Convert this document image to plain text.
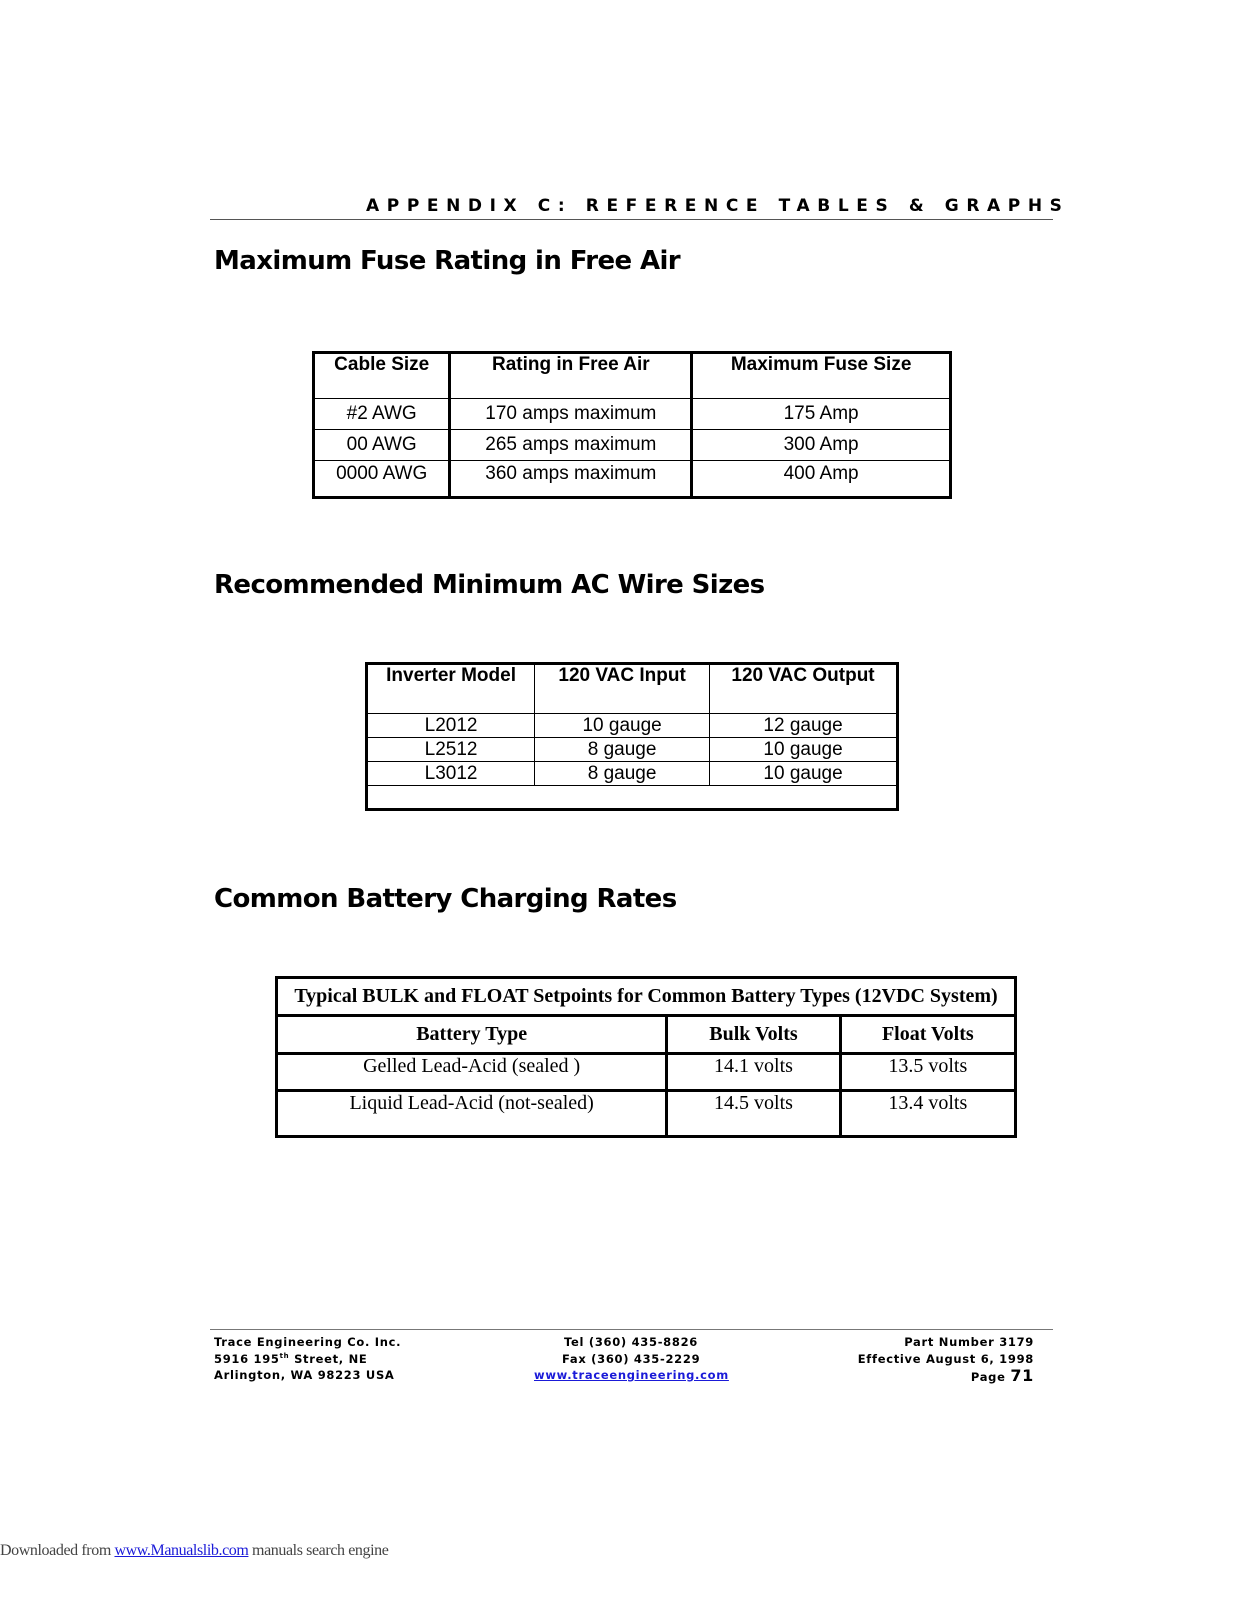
APPENDIX C: REFERENCE TABLES & GRAPHS
Maximum Fuse Rating in Free Air
Cable Size	Rating in Free Air	Maximum Fuse Size
#2 AWG	170 amps maximum	175 Amp
00 AWG	265 amps maximum	300 Amp
0000 AWG	360 amps maximum	400 Amp
Recommended Minimum AC Wire Sizes
Inverter Model	120 VAC Input	120 VAC Output
L2012	10 gauge	12 gauge
L2512	8 gauge	10 gauge
L3012	8 gauge	10 gauge

Common Battery Charging Rates
Typical BULK and FLOAT Setpoints for Common Battery Types (12VDC System)		
Battery Type	Bulk Volts	Float Volts
Gelled Lead-Acid (sealed )	14.1 volts	13.5 volts
Liquid Lead-Acid (not-sealed)	14.5 volts	13.4 volts
Trace Engineering Co. Inc.
5916 195th Street, NE
Arlington, WA 98223 USA
Tel (360) 435-8826
Fax (360) 435-2229
www.traceengineering.com
Part Number 3179
Effective August 6, 1998
Page 71
Downloaded from www.Manualslib.com manuals search engine
